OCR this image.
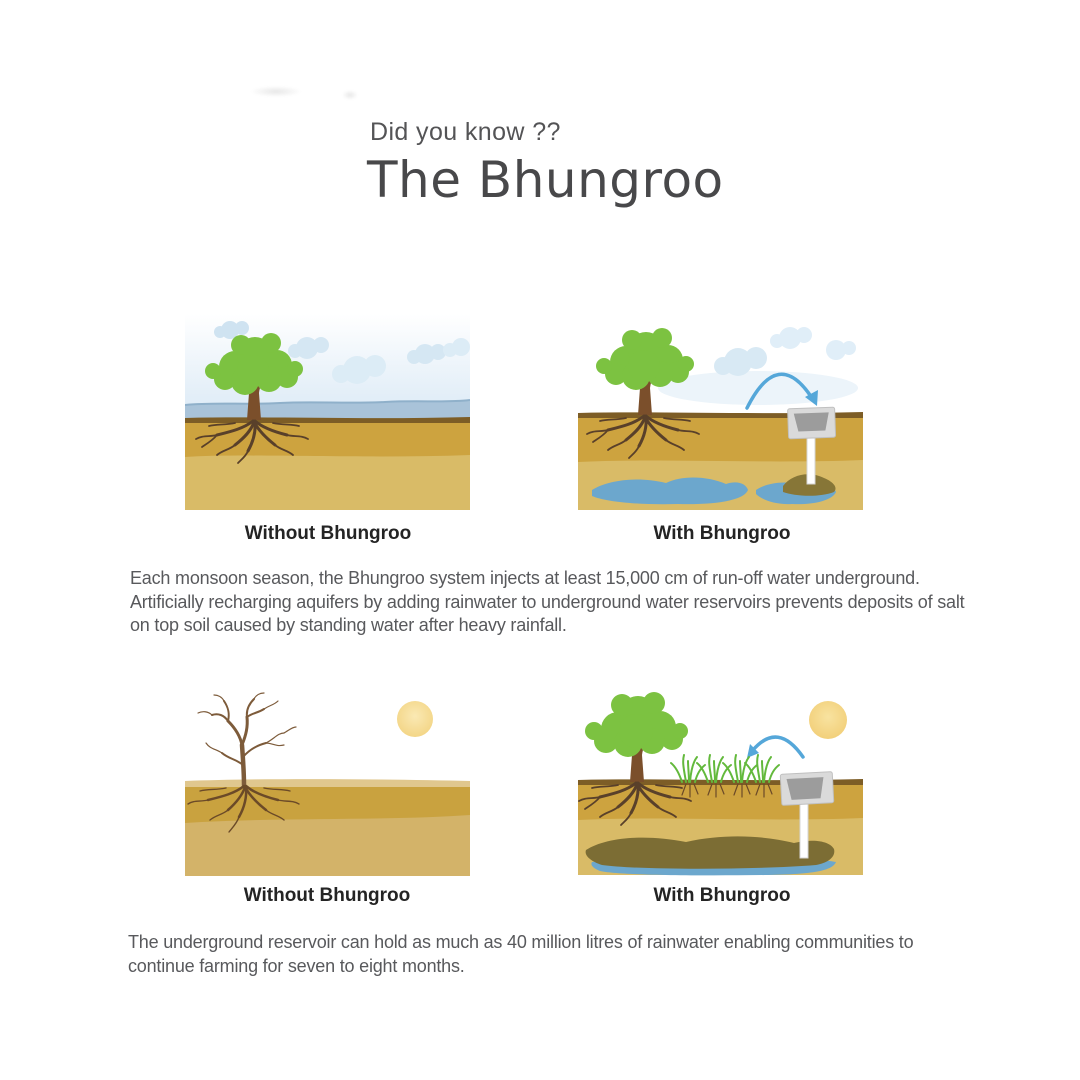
Did you know ??
The Bhungroo
Without Bhungroo	With Bhungroo

Each monsoon season, the Bhungroo system injects at least 15,000 cm of run-off water underground. Artificially recharging aquifers by adding rainwater to underground water reservoirs prevents deposits of salt on top soil caused by standing water after heavy rainfall.

Without Bhungroo	With Bhungroo

The underground reservoir can hold as much as 40 million litres of rainwater enabling communities to continue farming for seven to eight months.
